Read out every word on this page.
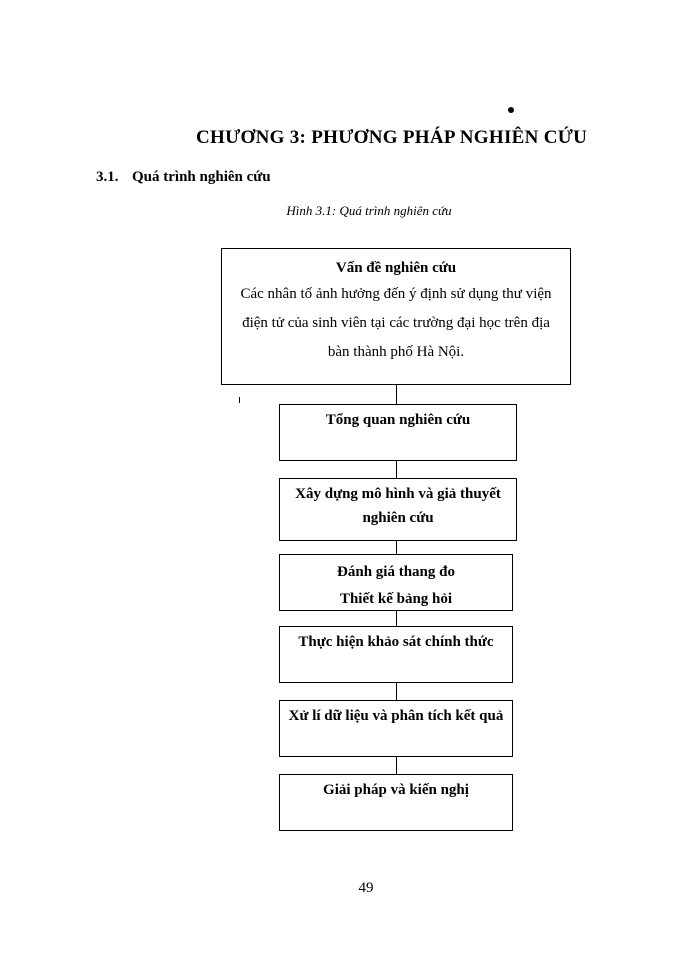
CHƯƠNG 3: PHƯƠNG PHÁP NGHIÊN CỨU
3.1. Quá trình nghiên cứu
Hình 3.1: Quá trình nghiên cứu
Vấn đề nghiên cứu
Các nhân tố ảnh hưởng đến ý định sử dụng thư viện điện tử của sinh viên tại các trường đại học trên địa bàn thành phố Hà Nội.
Tổng quan nghiên cứu
Xây dựng mô hình và giả thuyết nghiên cứu
Đánh giá thang đo
Thiết kế bảng hỏi
Thực hiện khảo sát chính thức
Xử lí dữ liệu và phân tích kết quả
Giải pháp và kiến nghị
49
